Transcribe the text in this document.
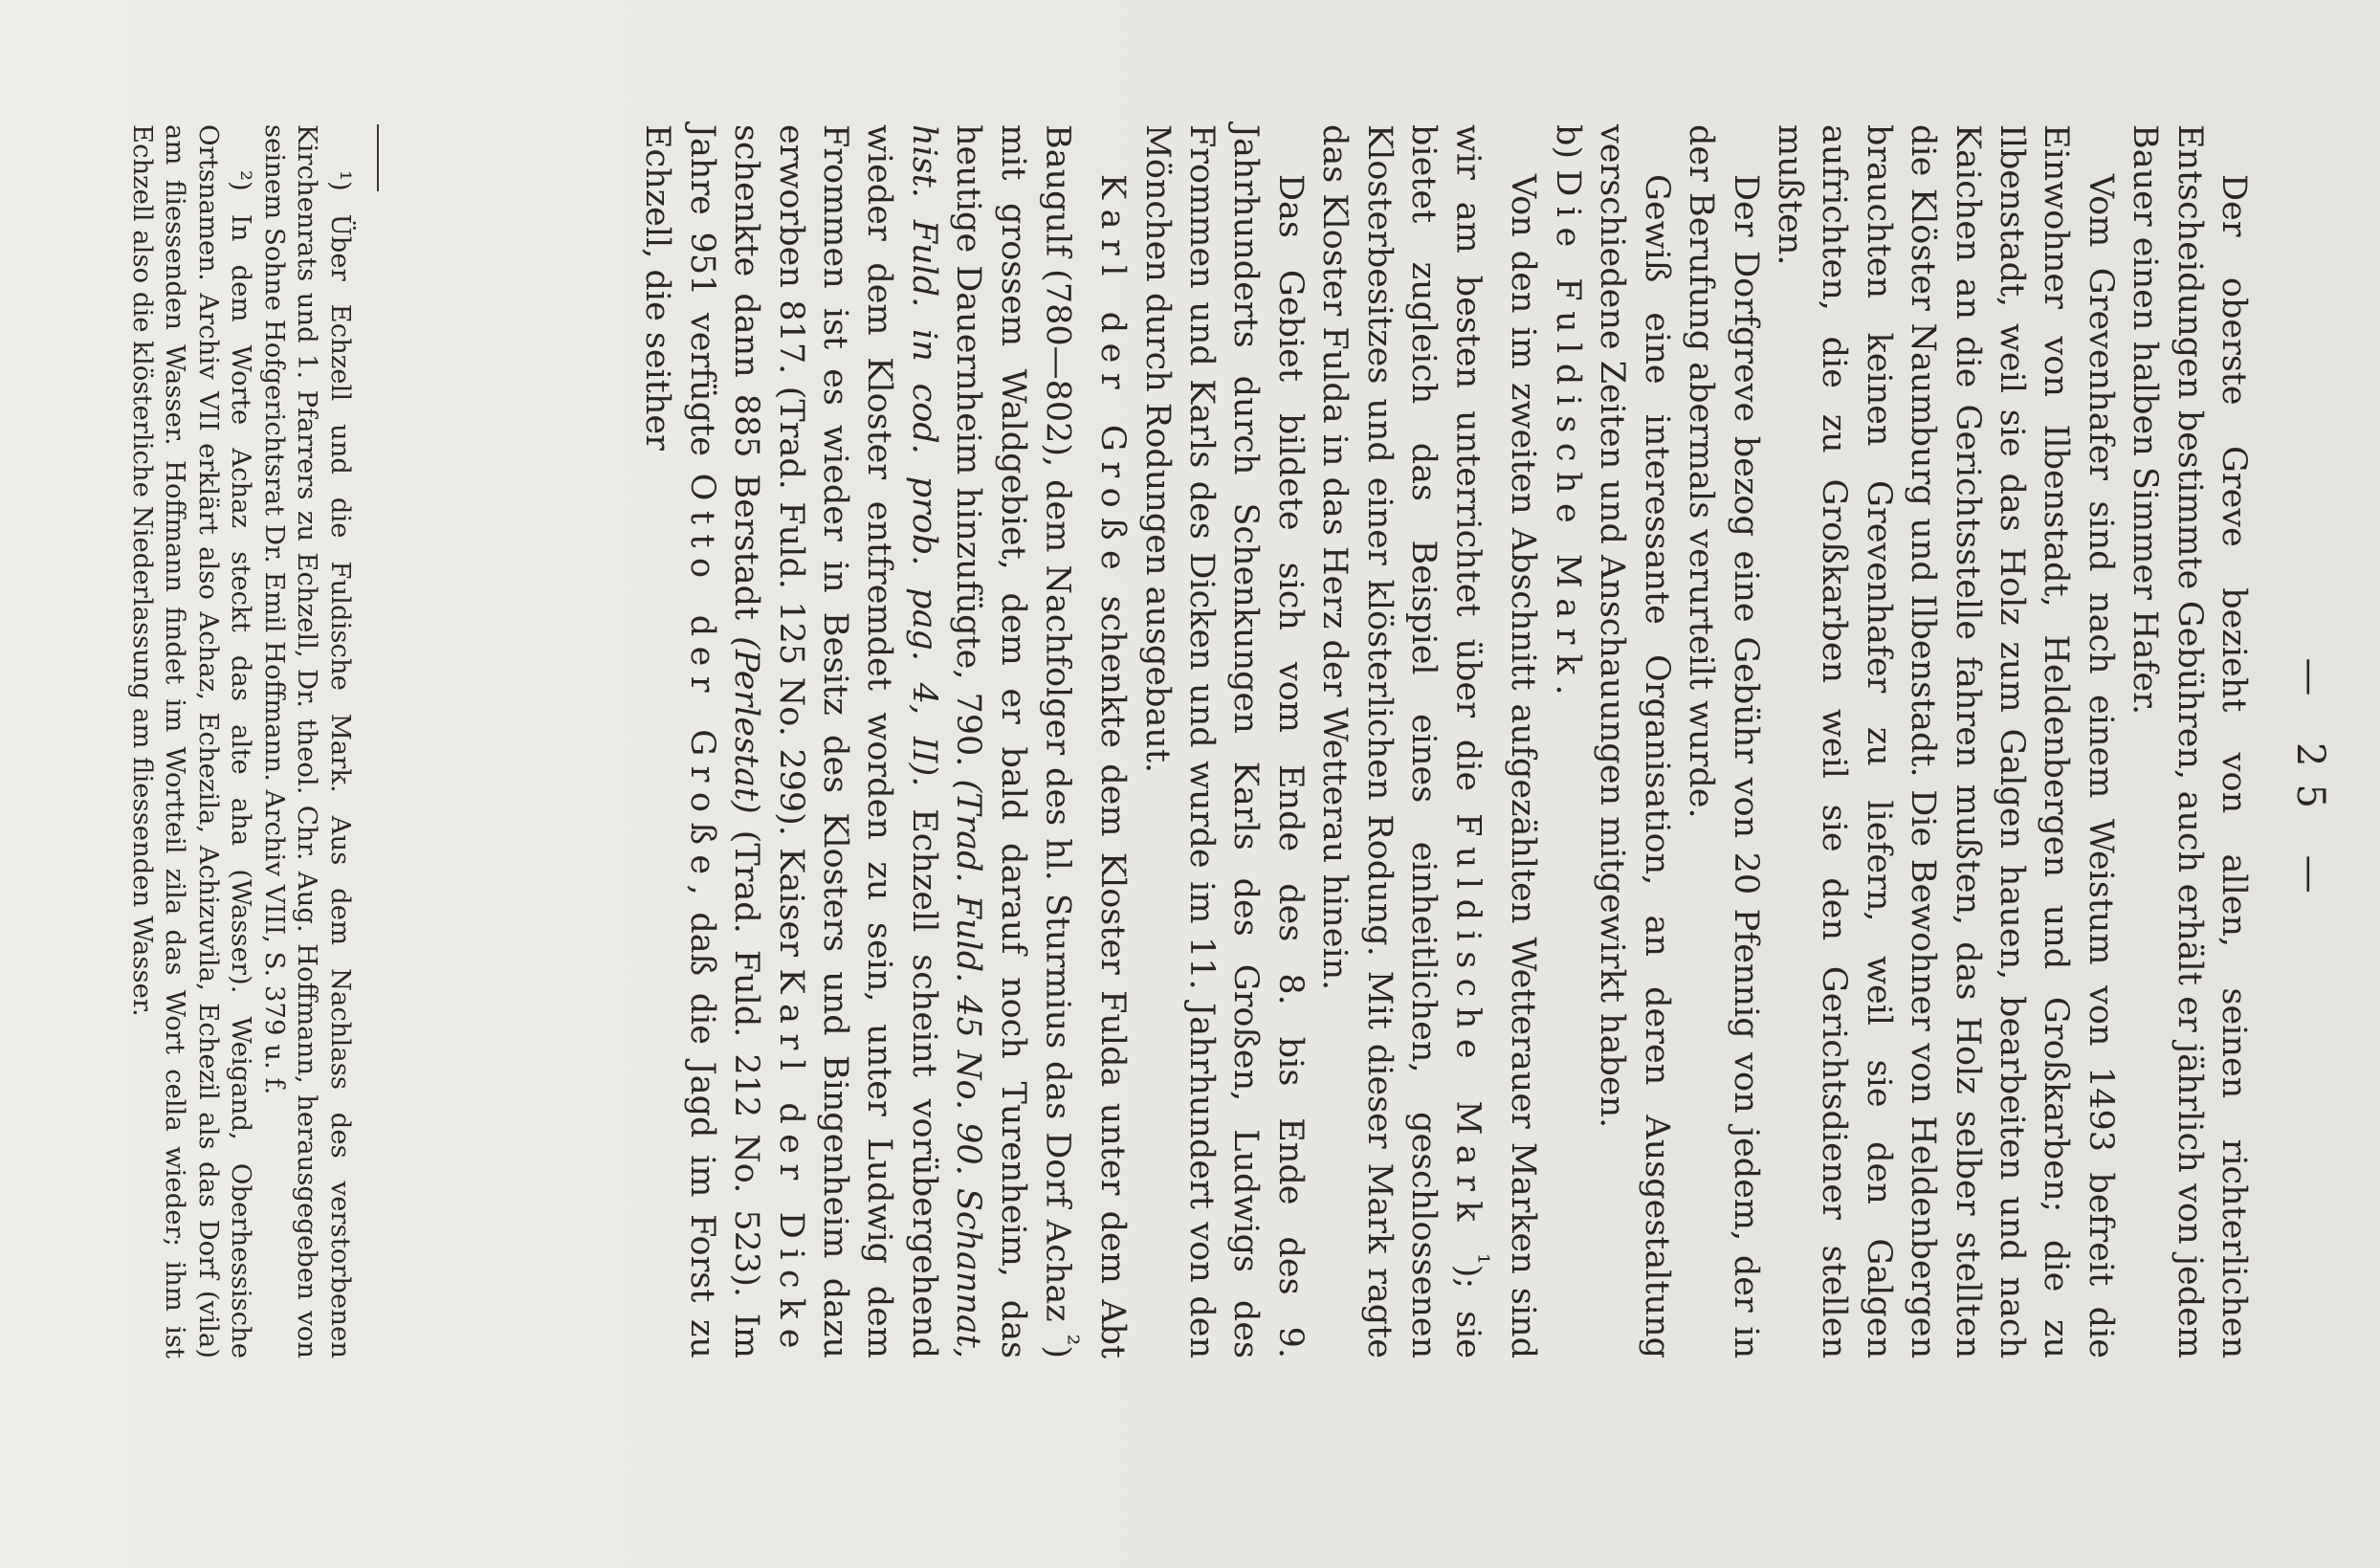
— 25 —

Der oberste Greve bezieht von allen, seinen richterlichen Entscheidungen bestimmte Gebühren, auch erhält er jährlich von jedem Bauer einen halben Simmer Hafer.

Vom Grevenhafer sind nach einem Weistum von 1493 befreit die Einwohner von Ilbenstadt, Heldenbergen und Großkarben; die zu Ilbenstadt, weil sie das Holz zum Galgen hauen, bearbeiten und nach Kaichen an die Gerichtsstelle fahren mußten, das Holz selber stellten die Klöster Naumburg und Ilbenstadt. Die Bewohner von Heldenbergen brauchten keinen Grevenhafer zu liefern, weil sie den Galgen aufrichten, die zu Großkarben weil sie den Gerichtsdiener stellen mußten.

Der Dorfgreve bezog eine Gebühr von 20 Pfennig von jedem, der in der Berufung abermals verurteilt wurde.

Gewiß eine interessante Organisation, an deren Ausgestaltung verschiedene Zeiten und Anschauungen mitgewirkt haben.

b) Die Fuldische Mark.

Von den im zweiten Abschnitt aufgezählten Wetterauer Marken sind wir am besten unterrichtet über die Fuldische Mark $^{^1}$); sie bietet zugleich das Beispiel eines einheitlichen, geschlossenen Klosterbesitzes und einer klösterlichen Rodung. Mit dieser Mark ragte das Kloster Fulda in das Herz der Wetterau hinein.

Das Gebiet bildete sich vom Ende des 8. bis Ende des 9. Jahrhunderts durch Schenkungen Karls des Großen, Ludwigs des Frommen und Karls des Dicken und wurde im 11. Jahrhundert von den Mönchen durch Rodungen ausgebaut.

Karl der Große schenkte dem Kloster Fulda unter dem Abt Baugulf (780—802), dem Nachfolger des hl. Sturmius das Dorf Achaz $^{^2}$) mit grossem Waldgebiet, dem er bald darauf noch Turenheim, das heutige Dauernheim hinzufügte, 790. (Trad. Fuld. 45 No. 90. Schannat, hist. Fuld. in cod. prob. pag. 4, II). Echzell scheint vorübergehend wieder dem Kloster entfremdet worden zu sein, unter Ludwig dem Frommen ist es wieder in Besitz des Klosters und Bingenheim dazu erworben 817. (Trad. Fuld. 125 No. 299). Kaiser Karl der Dicke schenkte dann 885 Berstadt (Perlestat) (Trad. Fuld. 212 No. 523). Im Jahre 951 verfügte Otto der Große, daß die Jagd im Forst zu Echzell, die seither

¹) Über Echzell und die Fuldische Mark. Aus dem Nachlass des verstorbenen Kirchenrats und 1. Pfarrers zu Echzell, Dr. theol. Chr. Aug. Hoffmann, herausgegeben von seinem Sohne Hofgerichtsrat Dr. Emil Hoffmann. Archiv VIII, S. 379 u. f.

²) In dem Worte Achaz steckt das alte aha (Wasser). Weigand, Oberhessische Ortsnamen. Archiv VII erklärt also Achaz, Echezila, Achizuvila, Echezil als das Dorf (vila) am fliessenden Wasser. Hoffmann findet im Wortteil zila das Wort cella wieder; ihm ist Echzell also die klösterliche Niederlassung am fliessenden Wasser.
